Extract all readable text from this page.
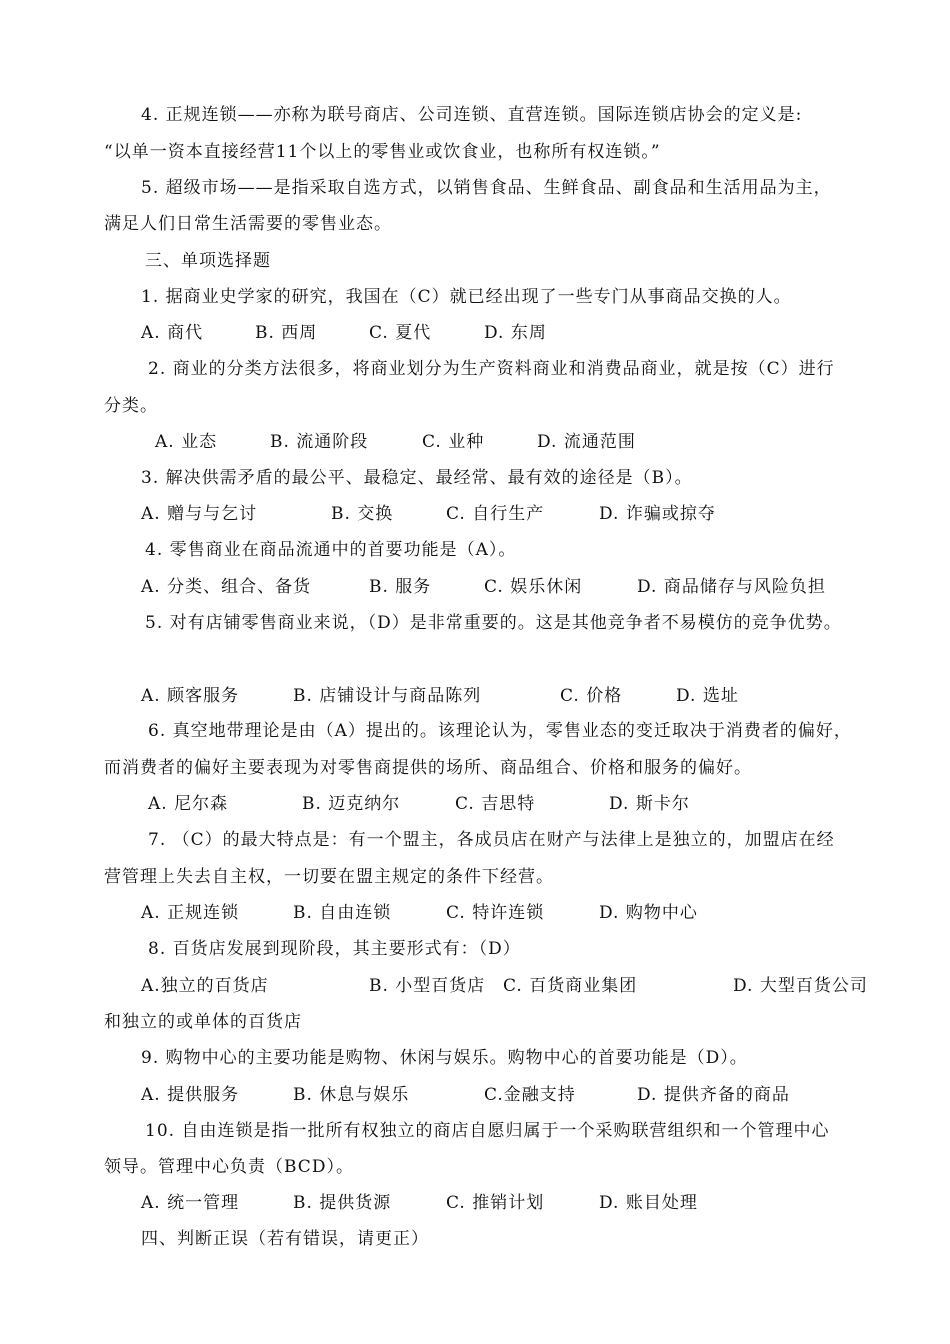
4. 正规连锁——亦称为联号商店、公司连锁、直营连锁。国际连锁店协会的定义是:
“以单一资本直接经营11个以上的零售业或饮食业，也称所有权连锁。”
5. 超级市场——是指采取自选方式，以销售食品、生鲜食品、副食品和生活用品为主，
满足人们日常生活需要的零售业态。
三、单项选择题
1. 据商业史学家的研究，我国在（C）就已经出现了一些专门从事商品交换的人。
A. 商代	B. 西周	C. 夏代	D. 东周
2. 商业的分类方法很多，将商业划分为生产资料商业和消费品商业，就是按（C）进行
分类。
A. 业态	B. 流通阶段	C. 业种	D. 流通范围
3. 解决供需矛盾的最公平、最稳定、最经常、最有效的途径是（B）。
A. 赠与与乞讨	B. 交换	C. 自行生产	D. 诈骗或掠夺
4. 零售商业在商品流通中的首要功能是（A）。
A. 分类、组合、备货	B. 服务	C. 娱乐休闲	D. 商品储存与风险负担
5. 对有店铺零售商业来说，（D）是非常重要的。这是其他竞争者不易模仿的竞争优势。
A. 顾客服务	B. 店铺设计与商品陈列	C. 价格	D. 选址
6. 真空地带理论是由（A）提出的。该理论认为，零售业态的变迁取决于消费者的偏好，
而消费者的偏好主要表现为对零售商提供的场所、商品组合、价格和服务的偏好。
A. 尼尔森	B. 迈克纳尔	C. 吉思特	D. 斯卡尔
7. （C）的最大特点是：有一个盟主，各成员店在财产与法律上是独立的，加盟店在经
营管理上失去自主权，一切要在盟主规定的条件下经营。
A. 正规连锁	B. 自由连锁	C. 特许连锁	D. 购物中心
8. 百货店发展到现阶段，其主要形式有：（D）
A.独立的百货店	B. 小型百货店 C. 百货商业集团	D. 大型百货公司
和独立的或单体的百货店
9. 购物中心的主要功能是购物、休闲与娱乐。购物中心的首要功能是（D）。
A. 提供服务	B. 休息与娱乐	C.金融支持	D. 提供齐备的商品
10. 自由连锁是指一批所有权独立的商店自愿归属于一个采购联营组织和一个管理中心
领导。管理中心负责（BCD）。
A. 统一管理	B. 提供货源	C. 推销计划	D. 账目处理
四、判断正误（若有错误，请更正）
